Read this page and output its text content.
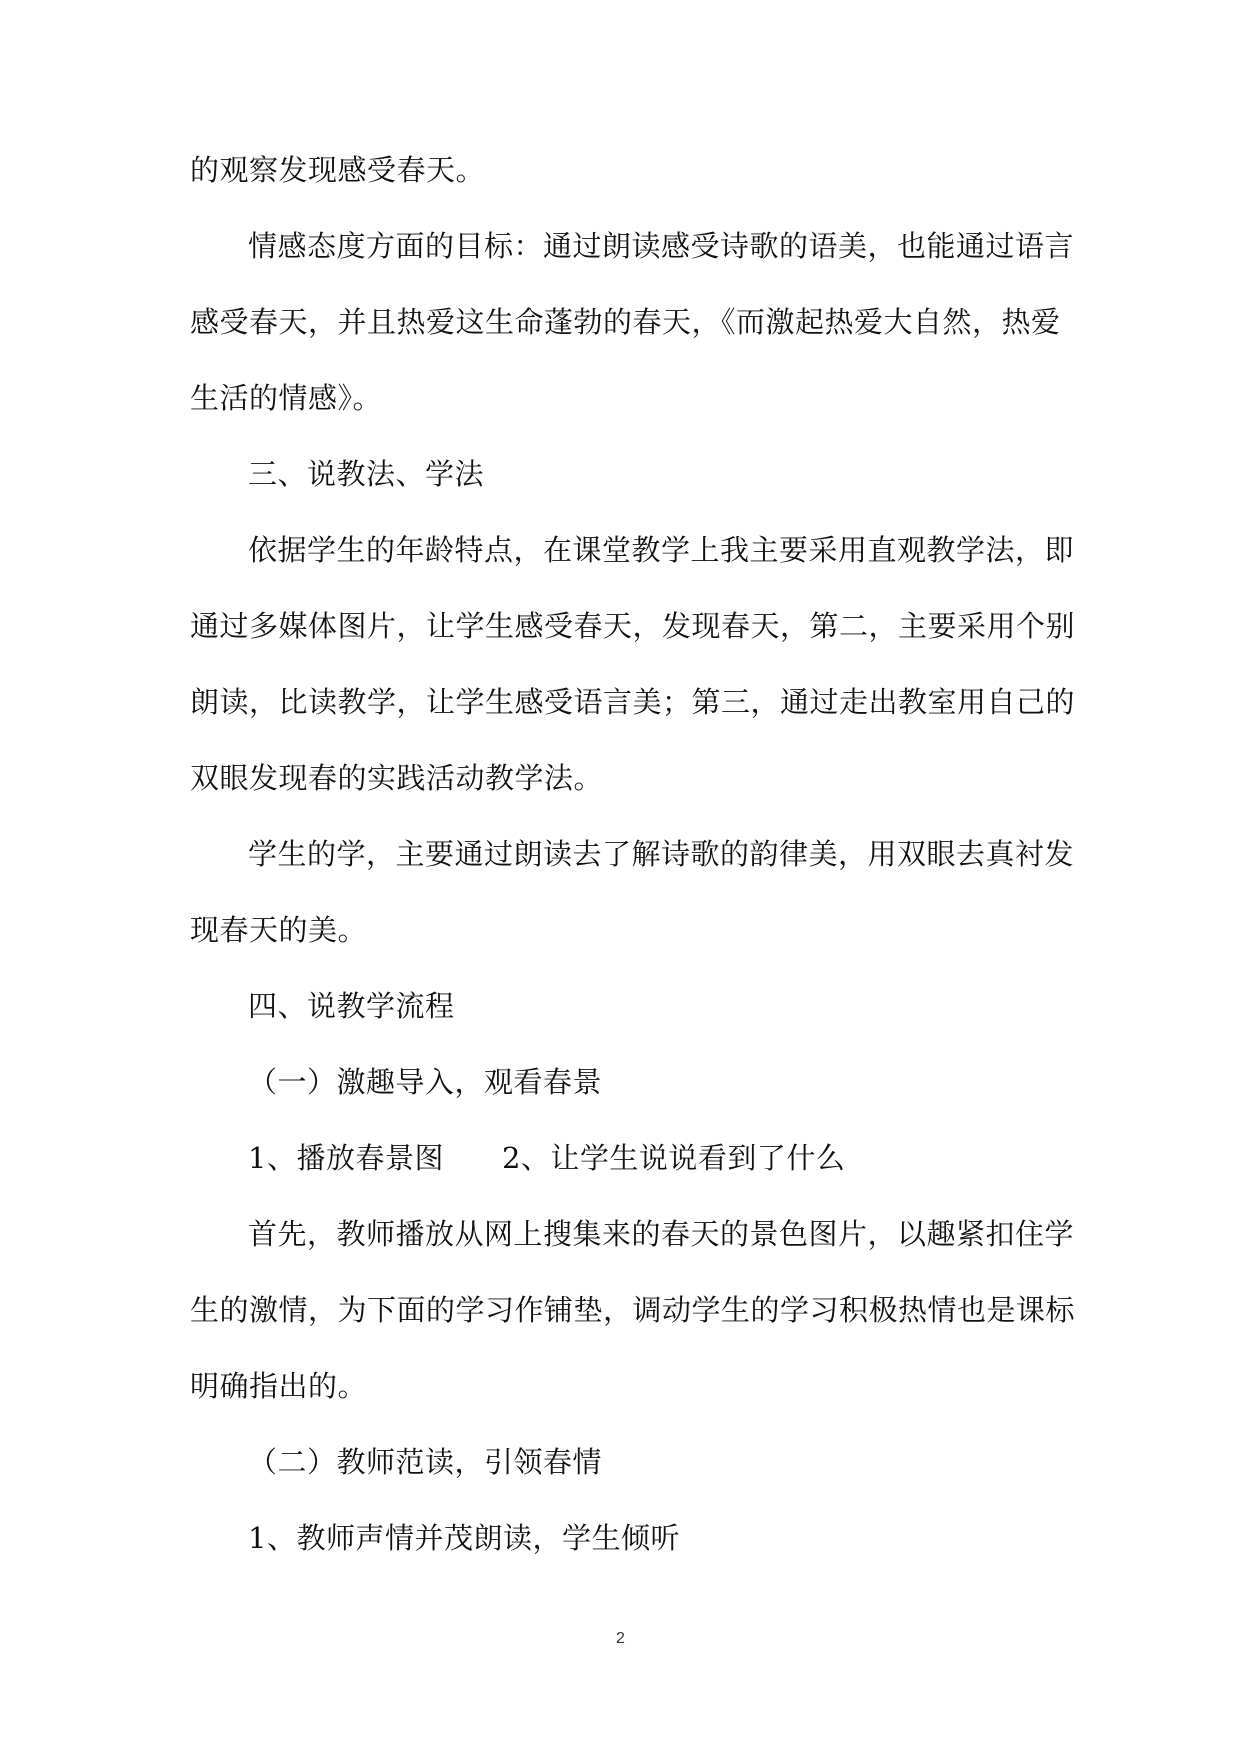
的观察发现感受春天。
情感态度方面的目标：通过朗读感受诗歌的语美，也能通过语言
感受春天，并且热爱这生命蓬勃的春天，《而激起热爱大自然，热爱
生活的情感》。
三、说教法、学法
依据学生的年龄特点，在课堂教学上我主要采用直观教学法，即
通过多媒体图片，让学生感受春天，发现春天，第二，主要采用个别
朗读，比读教学，让学生感受语言美；第三，通过走出教室用自己的
双眼发现春的实践活动教学法。
学生的学，主要通过朗读去了解诗歌的韵律美，用双眼去真衬发
现春天的美。
四、说教学流程
（一）激趣导入，观看春景
1、播放春景图 2、让学生说说看到了什么
首先，教师播放从网上搜集来的春天的景色图片，以趣紧扣住学
生的激情，为下面的学习作铺垫，调动学生的学习积极热情也是课标
明确指出的。
（二）教师范读，引领春情
1、教师声情并茂朗读，学生倾听
2
